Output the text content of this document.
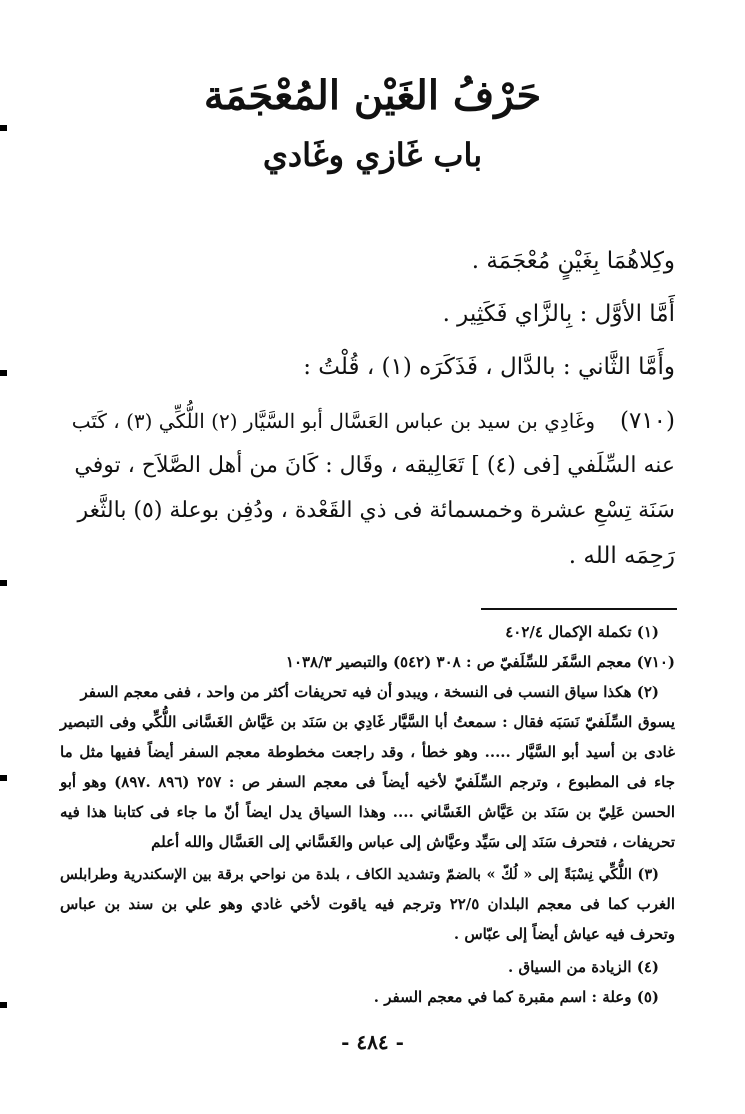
حَرْفُ الغَيْن المُعْجَمَة
باب غَازي وغَادي
وكِلاهُمَا بِغَيْنٍ مُعْجَمَة .
أَمَّا الأوَّل : بِالزَّاي فَكَثِير .
وأَمَّا الثَّاني : بالدَّال ، فَذَكَرَه (١) ، قُلْتُ :
(٧١٠)
وغَادِي بن سيد بن عباس العَسَّال أبو السَّيَّار (٢) اللُّكِّي (٣) ، كَتَب
عنه السِّلَفي [فى (٤) ] تَعَالِيقه ، وقَال : كَانَ من أهل الصَّلاَح ، توفي
سَنَة تِسْعِ عشرة وخمسمائة فى ذي القَعْدة ، ودُفِن بوعلة (٥) بالثَّغر
رَحِمَه الله .
(١) تكملة الإكمال ٤٠٢/٤
(٧١٠) معجم السَّفَر للسِّلَفيّ ص : ٣٠٨ (٥٤٢) والتبصير ١٠٣٨/٣
(٢) هكذا سياق النسب فى النسخة ، ويبدو أن فيه تحريفات أكثر من واحد ، ففى معجم السفر
يسوق السِّلَفيّ نَسَبَه فقال : سمعتُ أبا السَّيَّار غَادِي بن سَنَد بن عَيَّاش الغَسَّانى اللُّكِّي وفى التبصير
غادى بن أسيد أبو السَّيَّار ..... وهو خطأ ، وقد راجعت مخطوطة معجم السفر أيضاً ففيها مثل ما
جاء فى المطبوع ، وترجم السِّلَفيّ لأخيه أيضاً فى معجم السفر ص : ٢٥٧ (٨٩٦ .٨٩٧) وهو أبو
الحسن عَلِيّ بن سَنَد بن عَيَّاش الغَسَّاني .... وهذا السياق يدل ايضاً أنّ ما جاء فى كتابنا هذا فيه
تحريفات ، فتحرف سَنَد إلى سَيِّد وعيَّاش إلى عباس والغَسَّاني إلى العَسَّال والله أعلم
(٣) اللُّكِّي نِسْبَةً إلى « لُكّ » بالضمّ وتشديد الكاف ، بلدة من نواحي برقة بين الإسكندرية وطرابلس
الغرب كما فى معجم البلدان ٢٢/٥ وترجم فيه ياقوت لأخي غادي وهو علي بن سند بن عباس
وتحرف فيه عياش أيضاً إلى عبّاس .
(٤) الزيادة من السياق .
(٥) وعلة : اسم مقبرة كما في معجم السفر .
- ٤٨٤ -
